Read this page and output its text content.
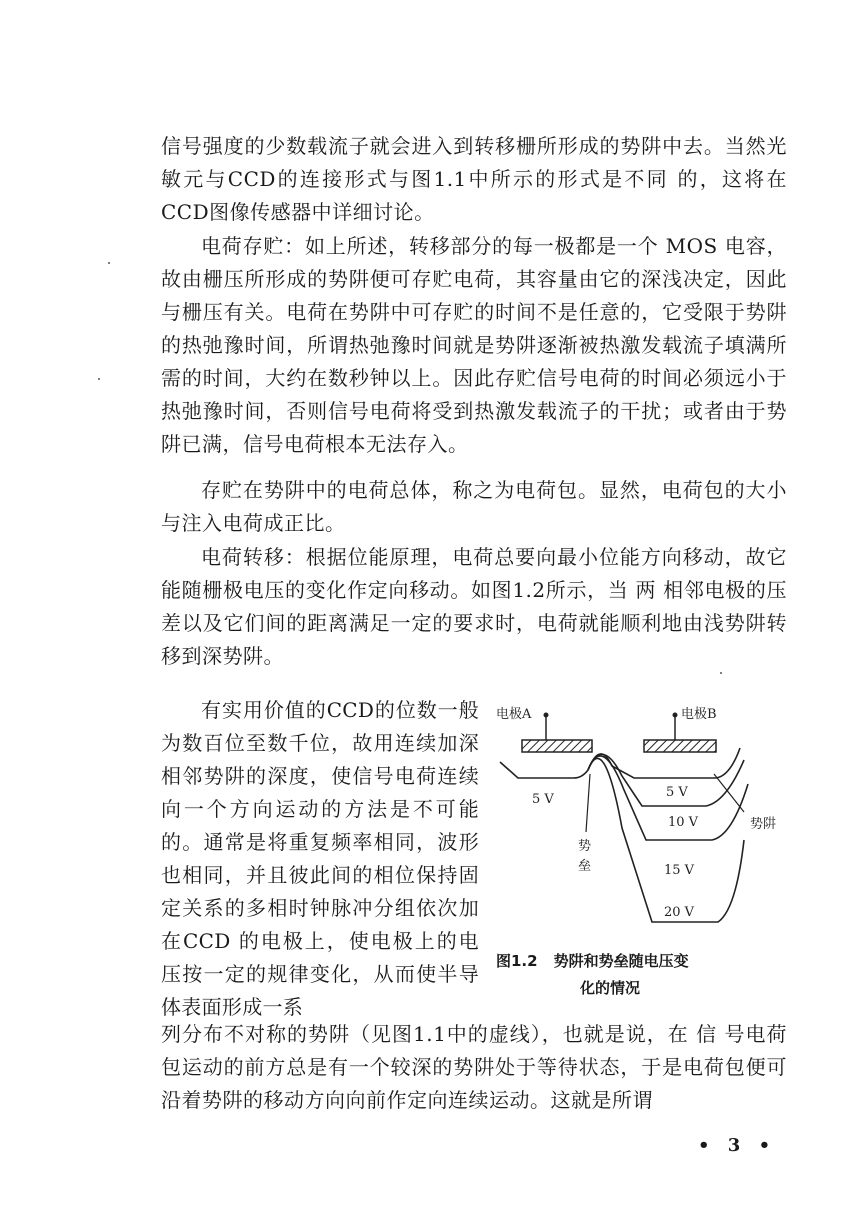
信号强度的少数载流子就会进入到转移栅所形成的势阱中去。当然光敏元与CCD的连接形式与图1.1中所示的形式是不同 的，这将在CCD图像传感器中详细讨论。

电荷存贮：如上所述，转移部分的每一极都是一个 MOS 电容，故由栅压所形成的势阱便可存贮电荷，其容量由它的深浅决定，因此与栅压有关。电荷在势阱中可存贮的时间不是任意的，它受限于势阱的热弛豫时间，所谓热弛豫时间就是势阱逐渐被热激发载流子填满所需的时间，大约在数秒钟以上。因此存贮信号电荷的时间必须远小于热弛豫时间，否则信号电荷将受到热激发载流子的干扰；或者由于势阱已满，信号电荷根本无法存入。

存贮在势阱中的电荷总体，称之为电荷包。显然，电荷包的大小与注入电荷成正比。

电荷转移：根据位能原理，电荷总要向最小位能方向移动，故它能随栅极电压的变化作定向移动。如图1.2所示，当 两 相邻电极的压差以及它们间的距离满足一定的要求时，电荷就能顺利地由浅势阱转移到深势阱。

有实用价值的CCD的位数一般为数百位至数千位，故用连续加深相邻势阱的深度，使信号电荷连续向一个方向运动的方法是不可能的。通常是将重复频率相同，波形也相同，并且彼此间的相位保持固定关系的多相时钟脉冲分组依次加在CCD 的电极上，使电极上的电压按一定的规律变化，从而使半导体表面形成一系

电极A	电极B
5 V	5 V
10 V
15 V
20 V
势阱
势
垒
图1.2 势阱和势垒随电压变
化的情况

列分布不对称的势阱（见图1.1中的虚线），也就是说，在 信 号电荷包运动的前方总是有一个较深的势阱处于等待状态，于是电荷包便可沿着势阱的移动方向向前作定向连续运动。这就是所谓

• 3 •
